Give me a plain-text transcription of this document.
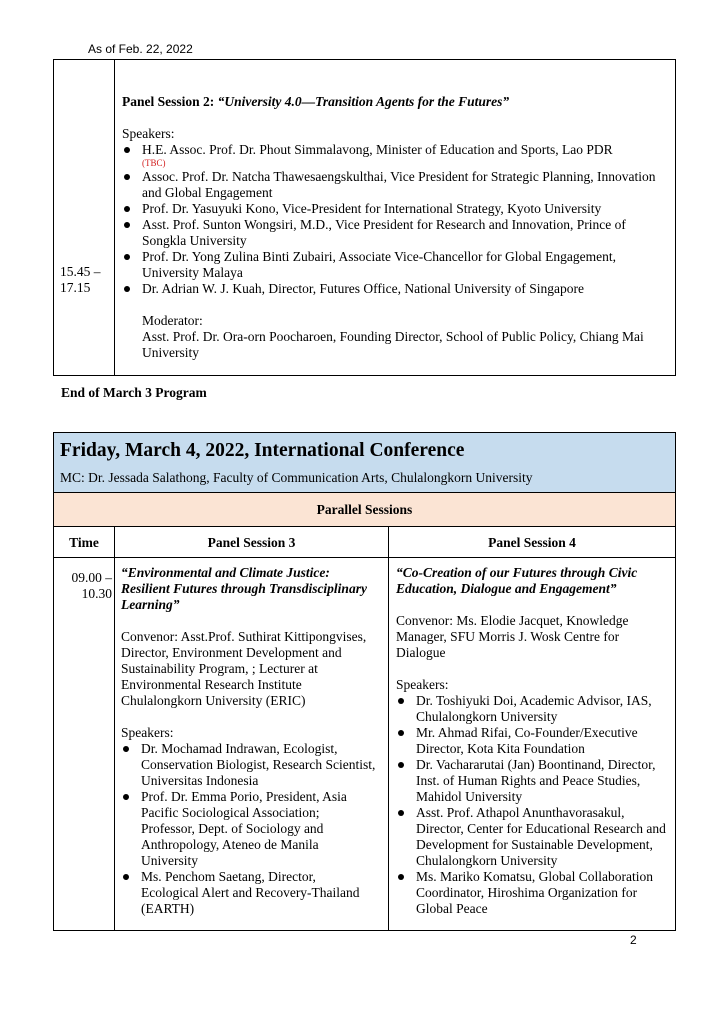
As of Feb. 22, 2022
15.45 –
17.15
Panel Session 2: “University 4.0—Transition Agents for the Futures”
Speakers:
H.E. Assoc. Prof. Dr. Phout Simmalavong, Minister of Education and Sports, Lao PDR
(TBC)
Assoc. Prof. Dr. Natcha Thawesaengskulthai, Vice President for Strategic Planning, Innovation and Global Engagement
Prof. Dr. Yasuyuki Kono, Vice-President for International Strategy, Kyoto University
Asst. Prof. Sunton Wongsiri, M.D., Vice President for Research and Innovation, Prince of Songkla University
Prof. Dr. Yong Zulina Binti Zubairi, Associate Vice-Chancellor for Global Engagement, University Malaya
Dr. Adrian W. J. Kuah, Director, Futures Office, National University of Singapore
Moderator:
Asst. Prof. Dr. Ora-orn Poocharoen, Founding Director, School of Public Policy, Chiang Mai University
End of March 3 Program
Friday, March 4, 2022, International Conference
MC: Dr. Jessada Salathong, Faculty of Communication Arts, Chulalongkorn University
Parallel Sessions
Time	Panel Session 3	Panel Session 4
09.00 –
10.30
“Environmental and Climate Justice: Resilient Futures through Transdisciplinary Learning”
Convenor: Asst.Prof. Suthirat Kittipongvises, Director, Environment Development and Sustainability Program, ; Lecturer at Environmental Research Institute Chulalongkorn University (ERIC)
Speakers:
Dr. Mochamad Indrawan, Ecologist, Conservation Biologist, Research Scientist, Universitas Indonesia
Prof. Dr. Emma Porio, President, Asia Pacific Sociological Association; Professor, Dept. of Sociology and Anthropology, Ateneo de Manila University
Ms. Penchom Saetang, Director, Ecological Alert and Recovery-Thailand (EARTH)
“Co-Creation of our Futures through Civic Education, Dialogue and Engagement”
Convenor: Ms. Elodie Jacquet, Knowledge Manager, SFU Morris J. Wosk Centre for Dialogue
Speakers:
Dr. Toshiyuki Doi, Academic Advisor, IAS, Chulalongkorn University
Mr. Ahmad Rifai, Co-Founder/Executive Director, Kota Kita Foundation
Dr. Vachararutai (Jan) Boontinand, Director, Inst. of Human Rights and Peace Studies, Mahidol University
Asst. Prof. Athapol Anunthavorasakul, Director, Center for Educational Research and Development for Sustainable Development, Chulalongkorn University
Ms. Mariko Komatsu, Global Collaboration Coordinator, Hiroshima Organization for Global Peace
2
